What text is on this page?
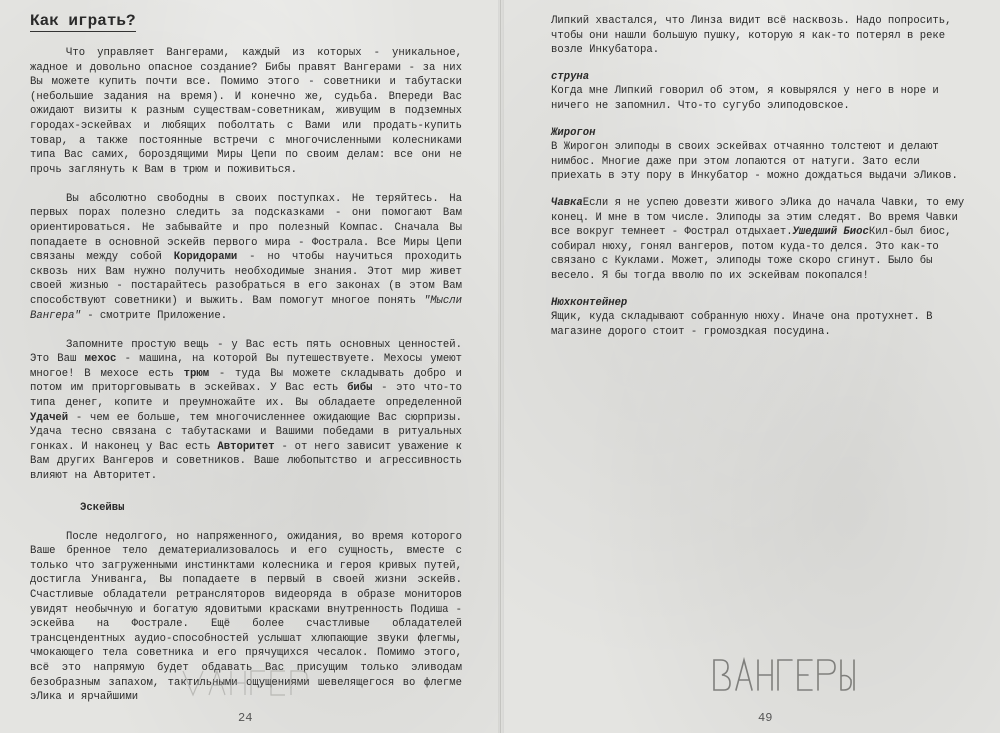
Как играть?

Что управляет Вангерами, каждый из которых - уникальное, жадное и довольно опасное создание? Бибы правят Вангерами - за них Вы можете купить почти все. Помимо этого - советники и табутаски (небольшие задания на время). И конечно же, судьба. Впереди Вас ожидают визиты к разным существам-советникам, живущим в подземных городах-эскейвах и любящих поболтать с Вами или продать-купить товар, а также постоянные встречи с многочисленными колесниками типа Вас самих, бороздящими Миры Цепи по своим делам: все они не прочь заглянуть к Вам в трюм и поживиться.

Вы абсолютно свободны в своих поступках. Не теряйтесь. На первых порах полезно следить за подсказками - они помогают Вам ориентироваться. Не забывайте и про полезный Компас. Сначала Вы попадаете в основной эскейв первого мира - Фострала. Все Миры Цепи связаны между собой Коридорами - но чтобы научиться проходить сквозь них Вам нужно получить необходимые знания. Этот мир живет своей жизнью - постарайтесь разобраться в его законах (в этом Вам способствуют советники) и выжить. Вам помогут многое понять "Мысли Вангера" - смотрите Приложение.

Запомните простую вещь - у Вас есть пять основных ценностей. Это Ваш мехос - машина, на которой Вы путешествуете. Мехосы умеют многое! В мехосе есть трюм - туда Вы можете складывать добро и потом им приторговывать в эскейвах. У Вас есть бибы - это что-то типа денег, копите и преумножайте их. Вы обладаете определенной Удачей - чем ее больше, тем многочисленнее ожидающие Вас сюрпризы. Удача тесно связана с табутасками и Вашими победами в ритуальных гонках. И наконец у Вас есть Авторитет - от него зависит уважение к Вам других Вангеров и советников. Ваше любопытство и агрессивность влияют на Авторитет.

Эскейвы

После недолгого, но напряженного, ожидания, во время которого Ваше бренное тело дематериализовалось и его сущность, вместе с только что загруженными инстинктами колесника и героя кривых путей, достигла Униванга, Вы попадаете в первый в своей жизни эскейв. Счастливые обладатели ретрансляторов видеоряда в образе мониторов увидят необычную и богатую ядовитыми красками внутренность Подиша - эскейва на Фострале. Ещё более счастливые обладателей трансцендентных аудио-способностей услышат хлюпающие звуки флегмы, чмокающего тела советника и его прячущихся чесалок. Помимо этого, всё это напрямую будет обдавать Вас присущим только эливодам безобразным запахом, тактильными ощущениями шевелящегося во флегме эЛика и ярчайшими

24
Липкий хвастался, что Линза видит всё насквозь. Надо попросить, чтобы они нашли большую пушку, которую я как-то потерял в реке возле Инкубатора.
струна
Когда мне Липкий говорил об этом, я ковырялся у него в норе и ничего не запомнил. Что-то сугубо элиподовское.
Жирогон
В Жирогон элиподы в своих эскейвах отчаянно толстеют и делают нимбос. Многие даже при этом лопаются от натуги. Зато если приехать в эту пору в Инкубатор - можно дождаться выдачи эЛиков.
ЧавкаЕсли я не успею довезти живого эЛика до начала Чавки, то ему конец. И мне в том числе. Элиподы за этим следят. Во время Чавки все вокруг темнеет - Фострал отдыхает.Ушедший БиосКил-был биос, собирал нюху, гонял вангеров, потом куда-то делся. Это как-то связано с Куклами. Может, элиподы тоже скоро сгинут. Было бы весело. Я бы тогда вволю по их эскейвам покопался!
Нюхконтейнер
Ящик, куда складывают собранную нюху. Иначе она протухнет. В магазине дорого стоит - громоздкая посудина.
49
